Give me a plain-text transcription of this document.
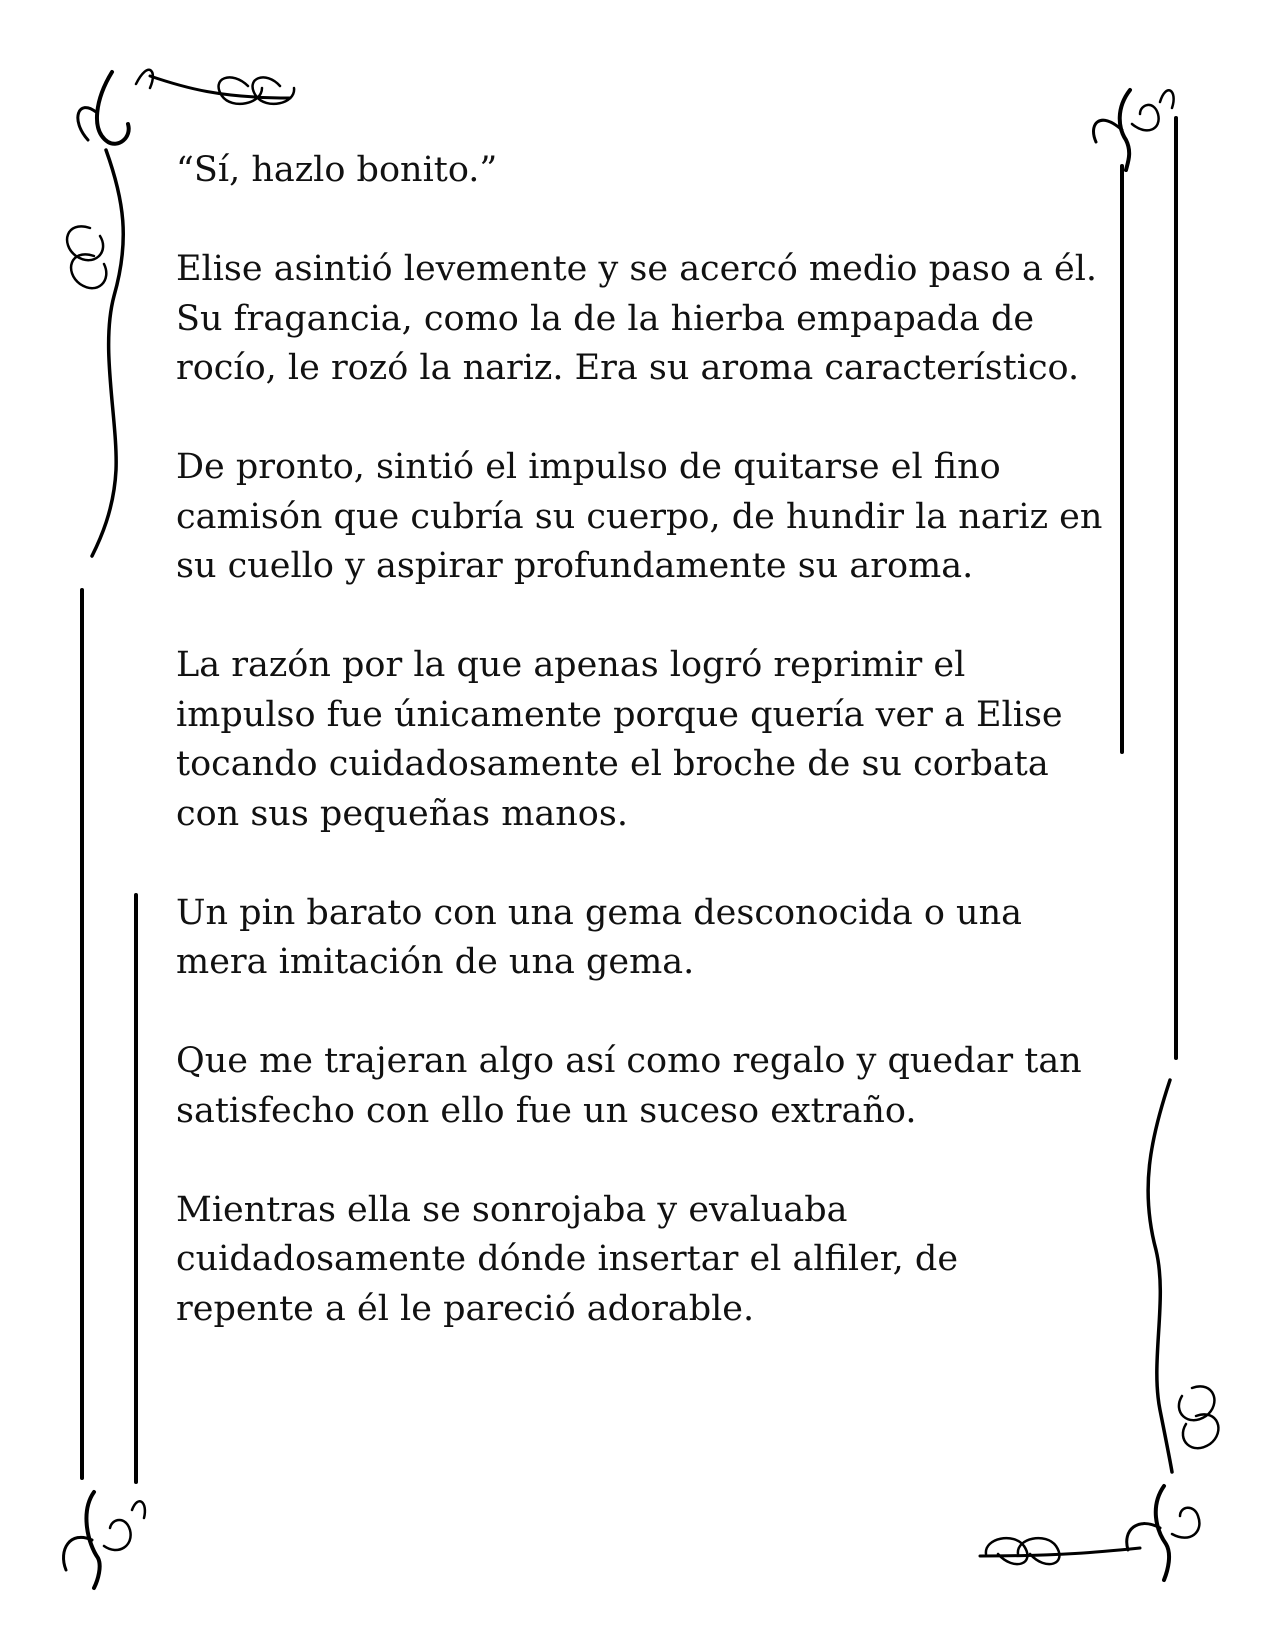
“Sí, hazlo bonito.”

Elise asintió levemente y se acercó medio paso a él. Su fragancia, como la de la hierba empapada de rocío, le rozó la nariz. Era su aroma característico.

De pronto, sintió el impulso de quitarse el fino camisón que cubría su cuerpo, de hundir la nariz en su cuello y aspirar profundamente su aroma.

La razón por la que apenas logró reprimir el impulso fue únicamente porque quería ver a Elise tocando cuidadosamente el broche de su corbata con sus pequeñas manos.

Un pin barato con una gema desconocida o una mera imitación de una gema.

Que me trajeran algo así como regalo y quedar tan satisfecho con ello fue un suceso extraño.

Mientras ella se sonrojaba y evaluaba cuidadosamente dónde insertar el alfiler, de repente a él le pareció adorable.
